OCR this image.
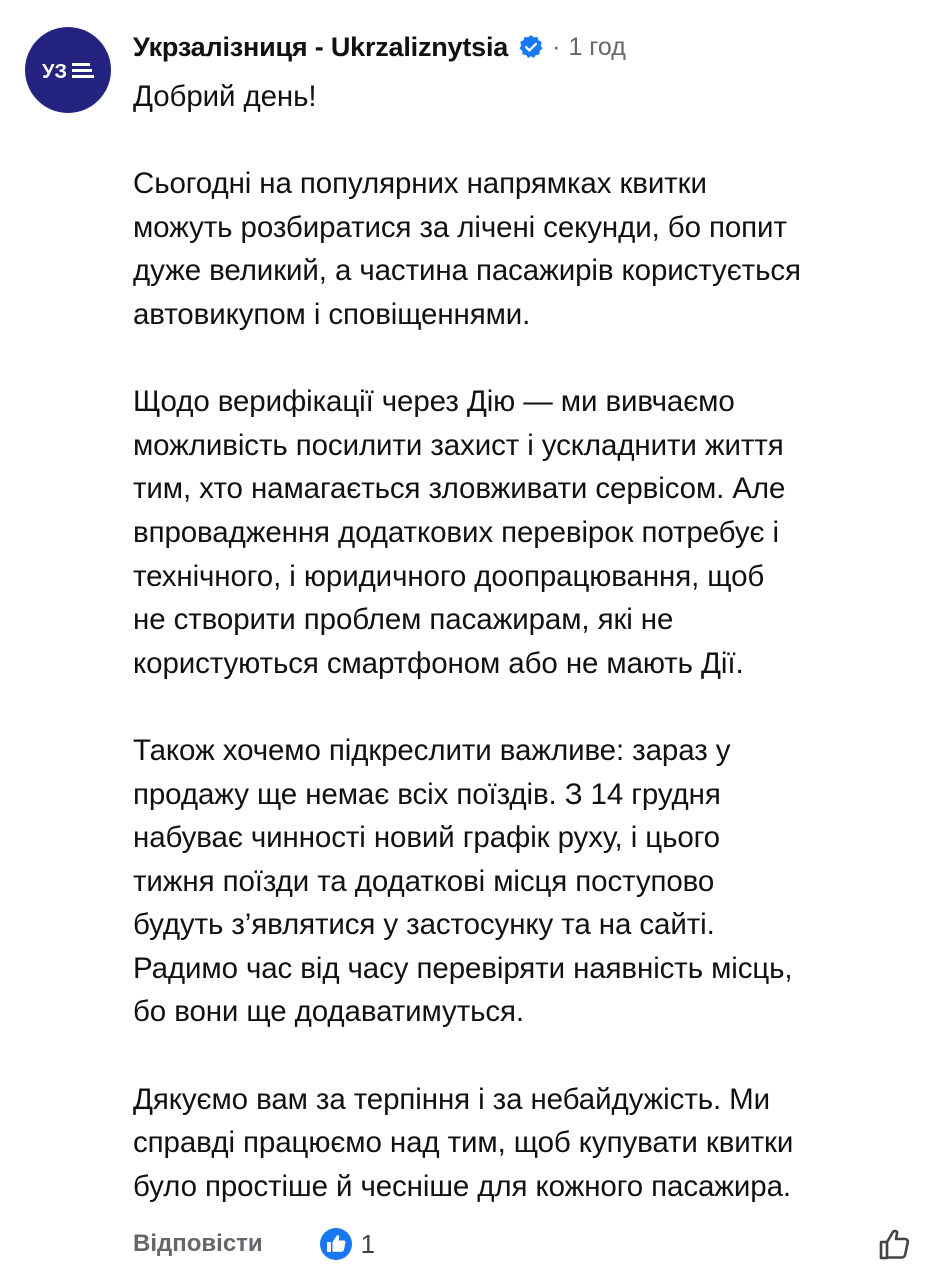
УЗ
Укрзалізниця - Ukrzaliznytsia · 1 год
Добрий день!
Сьогодні на популярних напрямках квитки
можуть розбиратися за лічені секунди, бо попит
дуже великий, а частина пасажирів користується
автовикупом і сповіщеннями.
Щодо верифікації через Дію — ми вивчаємо
можливість посилити захист і ускладнити життя
тим, хто намагається зловживати сервісом. Але
впровадження додаткових перевірок потребує і
технічного, і юридичного доопрацювання, щоб
не створити проблем пасажирам, які не
користуються смартфоном або не мають Дії.
Також хочемо підкреслити важливе: зараз у
продажу ще немає всіх поїздів. З 14 грудня
набуває чинності новий графік руху, і цього
тижня поїзди та додаткові місця поступово
будуть з’являтися у застосунку та на сайті.
Радимо час від часу перевіряти наявність місць,
бо вони ще додаватимуться.
Дякуємо вам за терпіння і за небайдужість. Ми
справді працюємо над тим, щоб купувати квитки
було простіше й чесніше для кожного пасажира.
Відповісти	1
